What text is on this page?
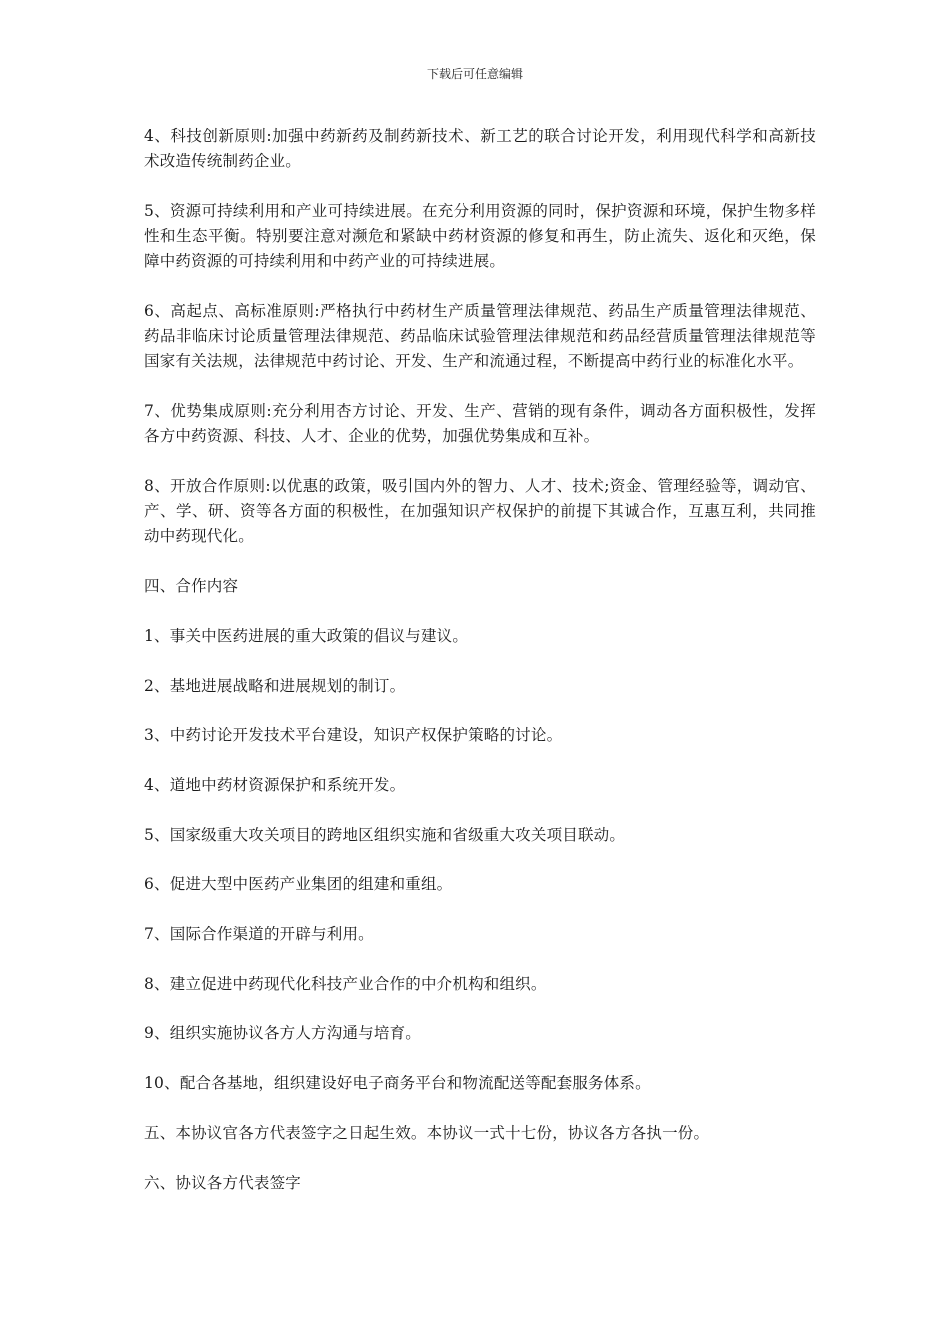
下载后可任意编辑

4、科技创新原则:加强中药新药及制药新技术、新工艺的联合讨论开发，利用现代科学和高新技术改造传统制药企业。

5、资源可持续利用和产业可持续进展。在充分利用资源的同时，保护资源和环境，保护生物多样性和生态平衡。特别要注意对濒危和紧缺中药材资源的修复和再生，防止流失、返化和灭绝，保障中药资源的可持续利用和中药产业的可持续进展。

6、高起点、高标准原则:严格执行中药材生产质量管理法律规范、药品生产质量管理法律规范、药品非临床讨论质量管理法律规范、药品临床试验管理法律规范和药品经营质量管理法律规范等国家有关法规，法律规范中药讨论、开发、生产和流通过程，不断提高中药行业的标准化水平。

7、优势集成原则:充分利用杏方讨论、开发、生产、营销的现有条件，调动各方面积极性，发挥各方中药资源、科技、人才、企业的优势，加强优势集成和互补。

8、开放合作原则:以优惠的政策，吸引国内外的智力、人才、技术;资金、管理经验等，调动官、产、学、研、资等各方面的积极性，在加强知识产权保护的前提下其诚合作，互惠互利，共同推动中药现代化。

四、合作内容

1、事关中医药进展的重大政策的倡议与建议。

2、基地进展战略和进展规划的制订。

3、中药讨论开发技术平台建设，知识产权保护策略的讨论。

4、道地中药材资源保护和系统开发。

5、国家级重大攻关项目的跨地区组织实施和省级重大攻关项目联动。

6、促进大型中医药产业集团的组建和重组。

7、国际合作渠道的开辟与利用。

8、建立促进中药现代化科技产业合作的中介机构和组织。

9、组织实施协议各方人方沟通与培育。

10、配合各基地，组织建设好电子商务平台和物流配送等配套服务体系。

五、本协议官各方代表签字之日起生效。本协议一式十七份，协议各方各执一份。

六、协议各方代表签字
